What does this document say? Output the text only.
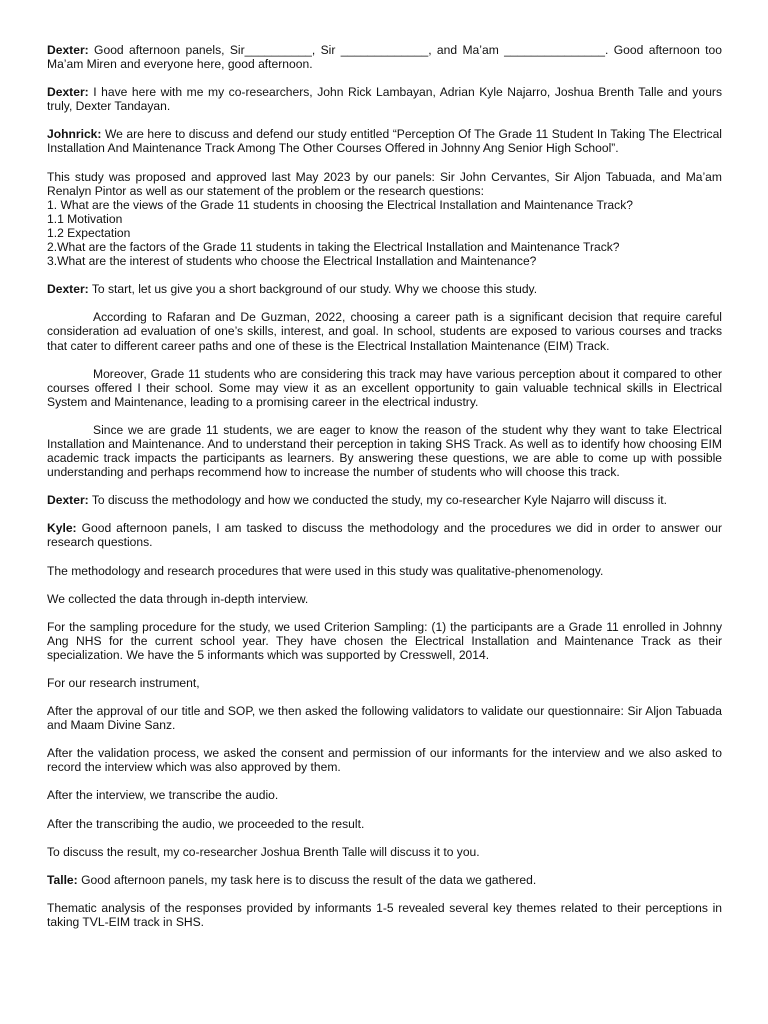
Dexter: Good afternoon panels, Sir__________, Sir _____________, and Ma’am _______________. Good afternoon too Ma’am Miren and everyone here, good afternoon.

Dexter: I have here with me my co-researchers, John Rick Lambayan, Adrian Kyle Najarro, Joshua Brenth Talle and yours truly, Dexter Tandayan.

Johnrick: We are here to discuss and defend our study entitled “Perception Of The Grade 11 Student In Taking The Electrical Installation And Maintenance Track Among The Other Courses Offered in Johnny Ang Senior High School”.

This study was proposed and approved last May 2023 by our panels: Sir John Cervantes, Sir Aljon Tabuada, and Ma’am Renalyn Pintor as well as our statement of the problem or the research questions:

1. What are the views of the Grade 11 students in choosing the Electrical Installation and Maintenance Track?
1.1 Motivation
1.2 Expectation
2.What are the factors of the Grade 11 students in taking the Electrical Installation and Maintenance Track?
3.What are the interest of students who choose the Electrical Installation and Maintenance?

Dexter: To start, let us give you a short background of our study. Why we choose this study.

According to Rafaran and De Guzman, 2022, choosing a career path is a significant decision that require careful consideration ad evaluation of one’s skills, interest, and goal. In school, students are exposed to various courses and tracks that cater to different career paths and one of these is the Electrical Installation Maintenance (EIM) Track.

Moreover, Grade 11 students who are considering this track may have various perception about it compared to other courses offered I their school. Some may view it as an excellent opportunity to gain valuable technical skills in Electrical System and Maintenance, leading to a promising career in the electrical industry.

Since we are grade 11 students, we are eager to know the reason of the student why they want to take Electrical Installation and Maintenance. And to understand their perception in taking SHS Track. As well as to identify how choosing EIM academic track impacts the participants as learners. By answering these questions, we are able to come up with possible understanding and perhaps recommend how to increase the number of students who will choose this track.

Dexter: To discuss the methodology and how we conducted the study, my co-researcher Kyle Najarro will discuss it.

Kyle: Good afternoon panels, I am tasked to discuss the methodology and the procedures we did in order to answer our research questions.

The methodology and research procedures that were used in this study was qualitative-phenomenology.

We collected the data through in-depth interview.

For the sampling procedure for the study, we used Criterion Sampling: (1) the participants are a Grade 11 enrolled in Johnny Ang NHS for the current school year. They have chosen the Electrical Installation and Maintenance Track as their specialization. We have the 5 informants which was supported by Cresswell, 2014.

For our research instrument,

After the approval of our title and SOP, we then asked the following validators to validate our questionnaire: Sir Aljon Tabuada and Maam Divine Sanz.

After the validation process, we asked the consent and permission of our informants for the interview and we also asked to record the interview which was also approved by them.

After the interview, we transcribe the audio.

After the transcribing the audio, we proceeded to the result.

To discuss the result, my co-researcher Joshua Brenth Talle will discuss it to you.

Talle: Good afternoon panels, my task here is to discuss the result of the data we gathered.

Thematic analysis of the responses provided by informants 1-5 revealed several key themes related to their perceptions in taking TVL-EIM track in SHS.
